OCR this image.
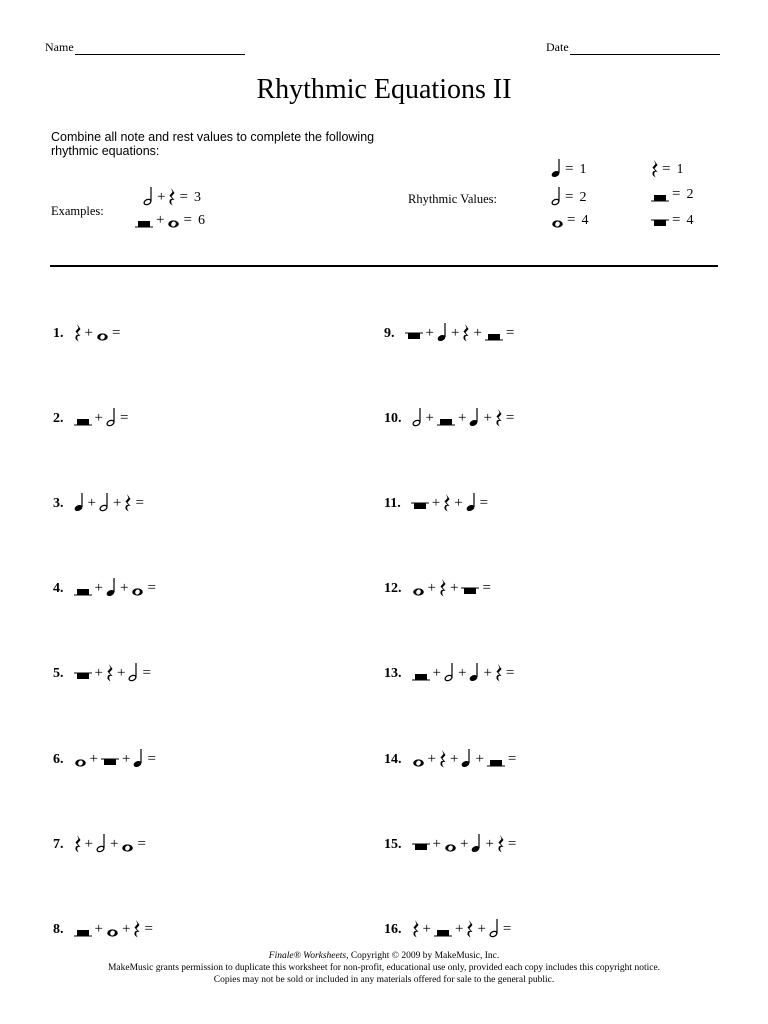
Name	Date
Rhythmic Equations II
Combine all note and rest values to complete the following rhythmic equations:
Examples:
+ = 3
+ = 6
Rhythmic Values:
= 1	= 1
= 2	= 2
= 4	= 4
1. + =
2. + =
3. + + =
4. + + =
5. + + =
6. + + =
7. + + =
8. + + =
9. + + + =
10. + + + =
11. + + =
12. + + =
13. + + + =
14. + + + =
15. + + + =
16. + + + =
Finale® Worksheets, Copyright © 2009 by MakeMusic, Inc.
MakeMusic grants permission to duplicate this worksheet for non-profit, educational use only, provided each copy includes this copyright notice.
Copies may not be sold or included in any materials offered for sale to the general public.
